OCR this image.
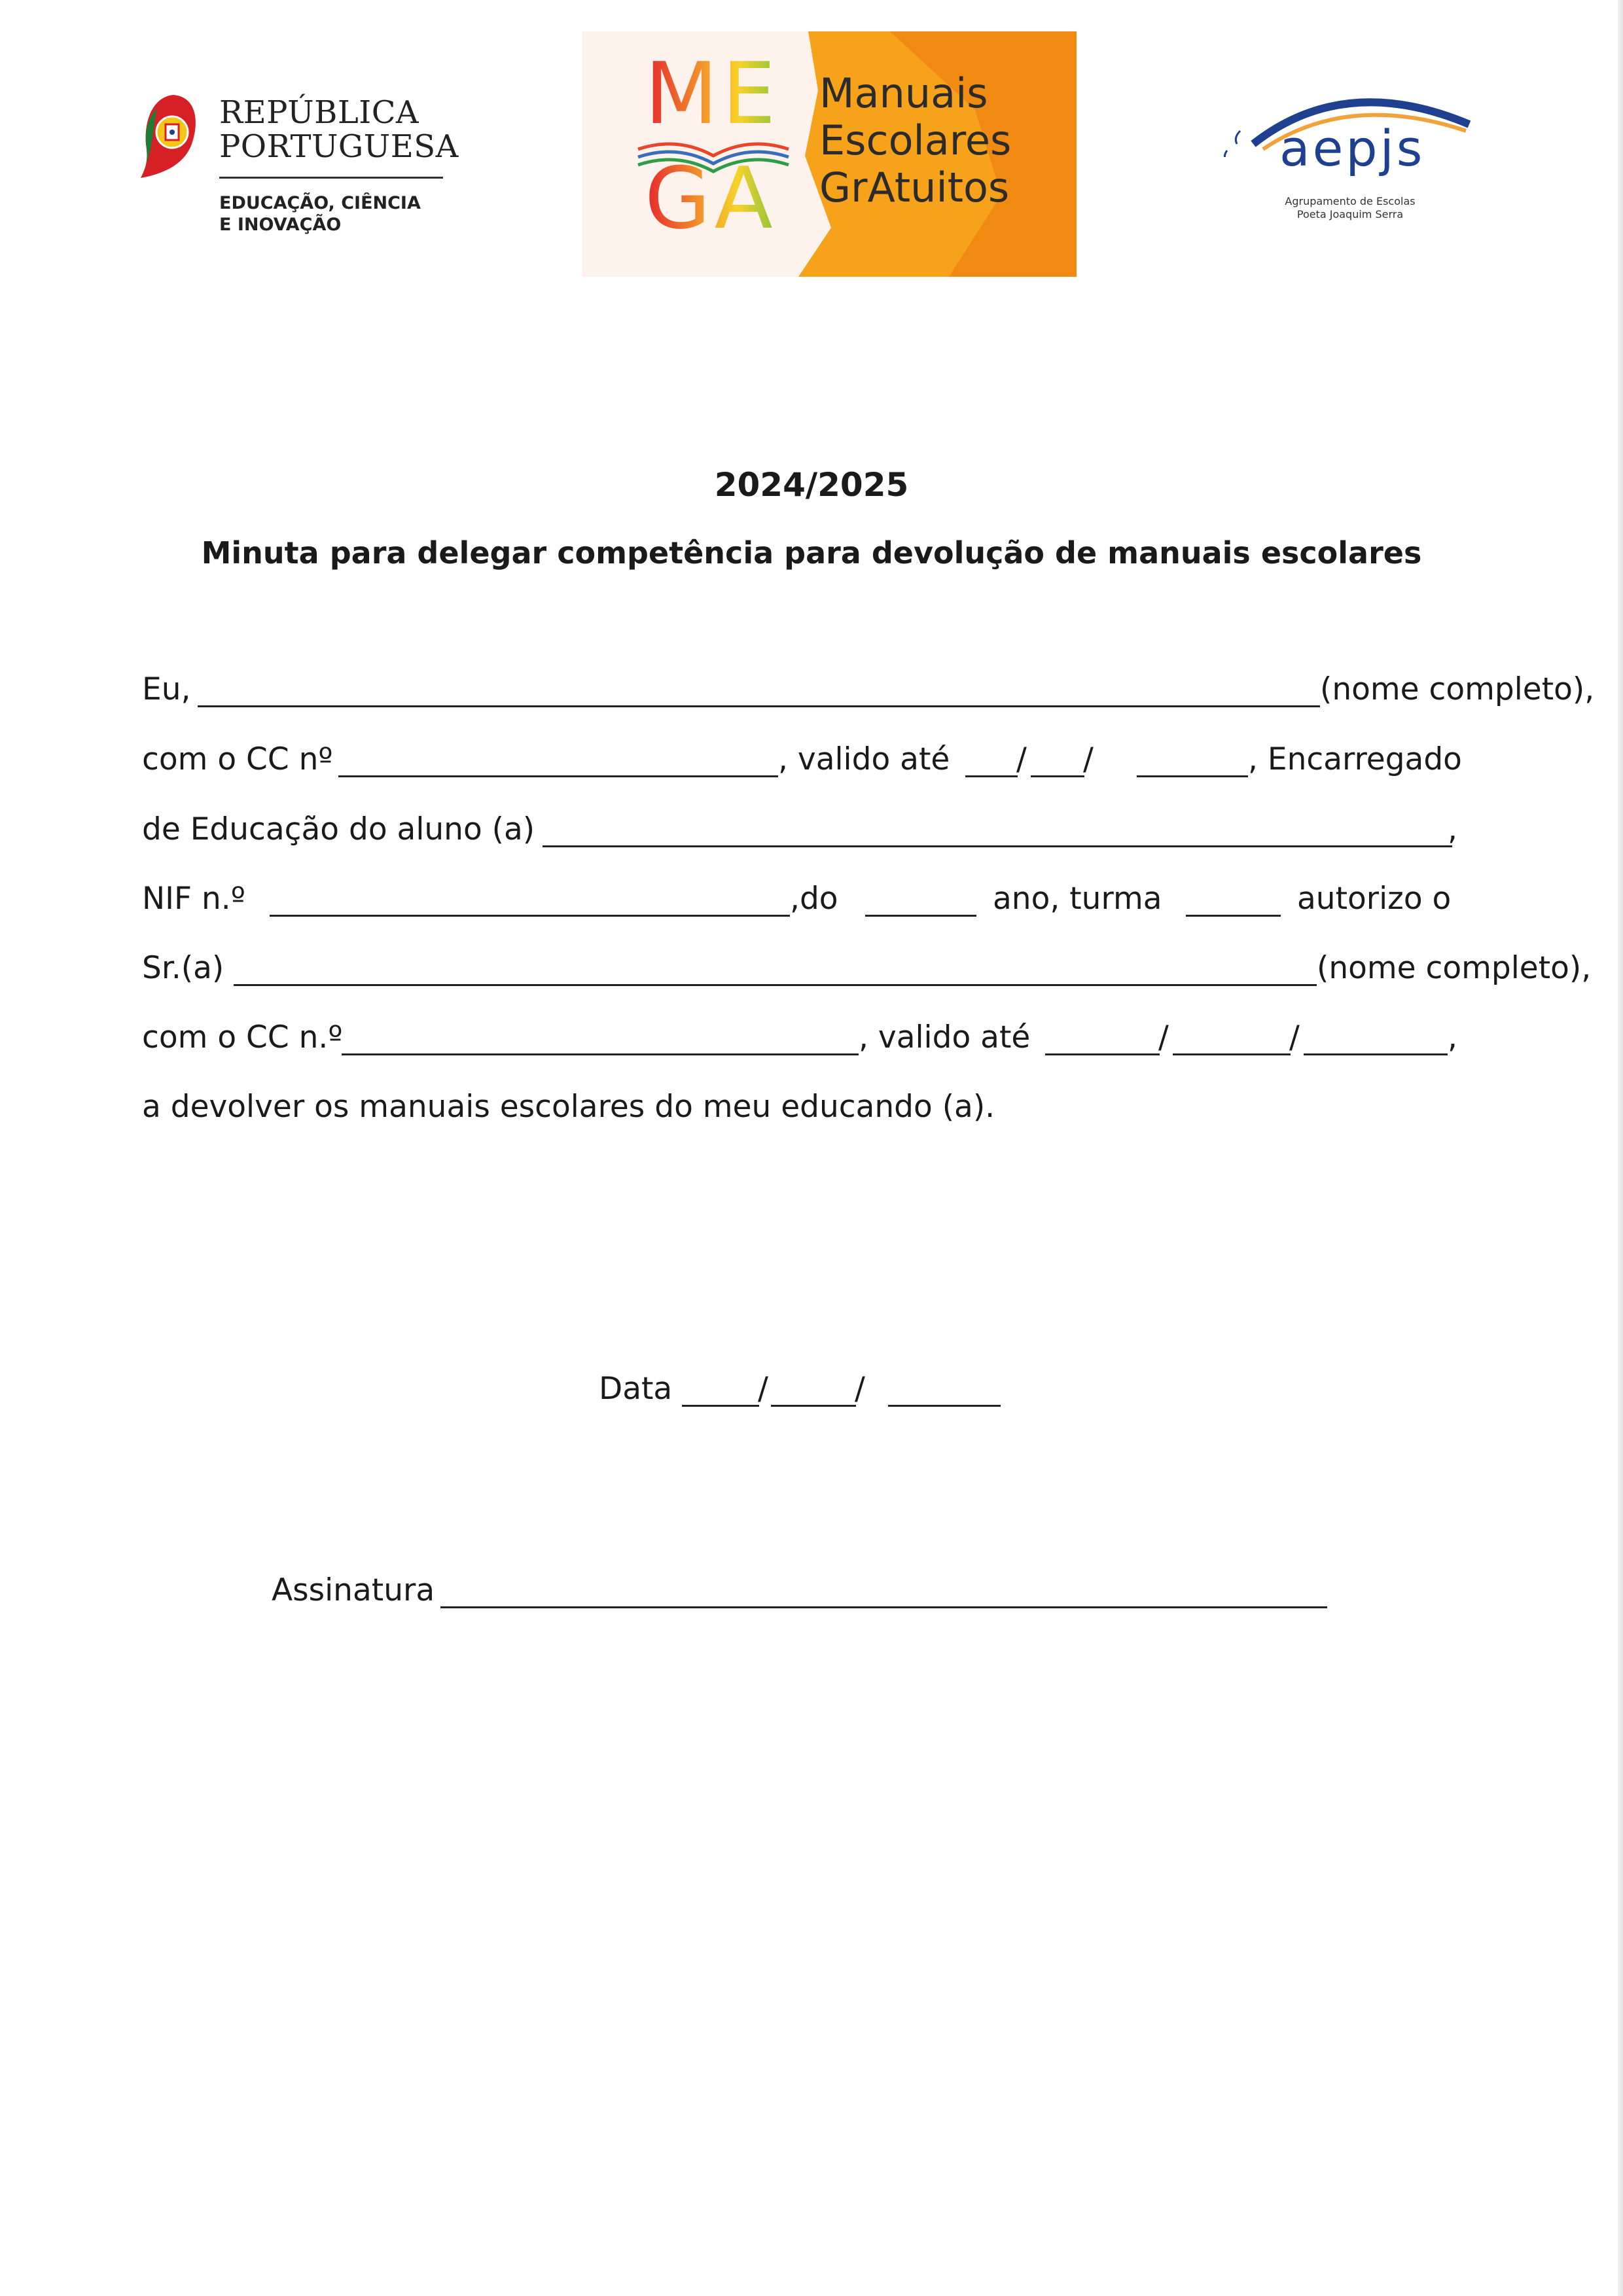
REPÚBLICA
PORTUGUESA
EDUCAÇÃO, CIÊNCIA
E INOVAÇÃO
ME
GA
Manuais
Escolares
GrAtuitos
aepjs
Agrupamento de Escolas
Poeta Joaquim Serra
2024/2025
Minuta para delegar competência para devolução de manuais escolares
Eu,	(nome completo),
com o CC nº	, valido até / /	, Encarregado
de Educação do aluno (a)	,
NIF n.º	,do	ano, turma	autorizo o
Sr.(a)	(nome completo),
com o CC n.º	, valido até	/	/	,
a devolver os manuais escolares do meu educando (a).
Data	/	/
Assinatura
